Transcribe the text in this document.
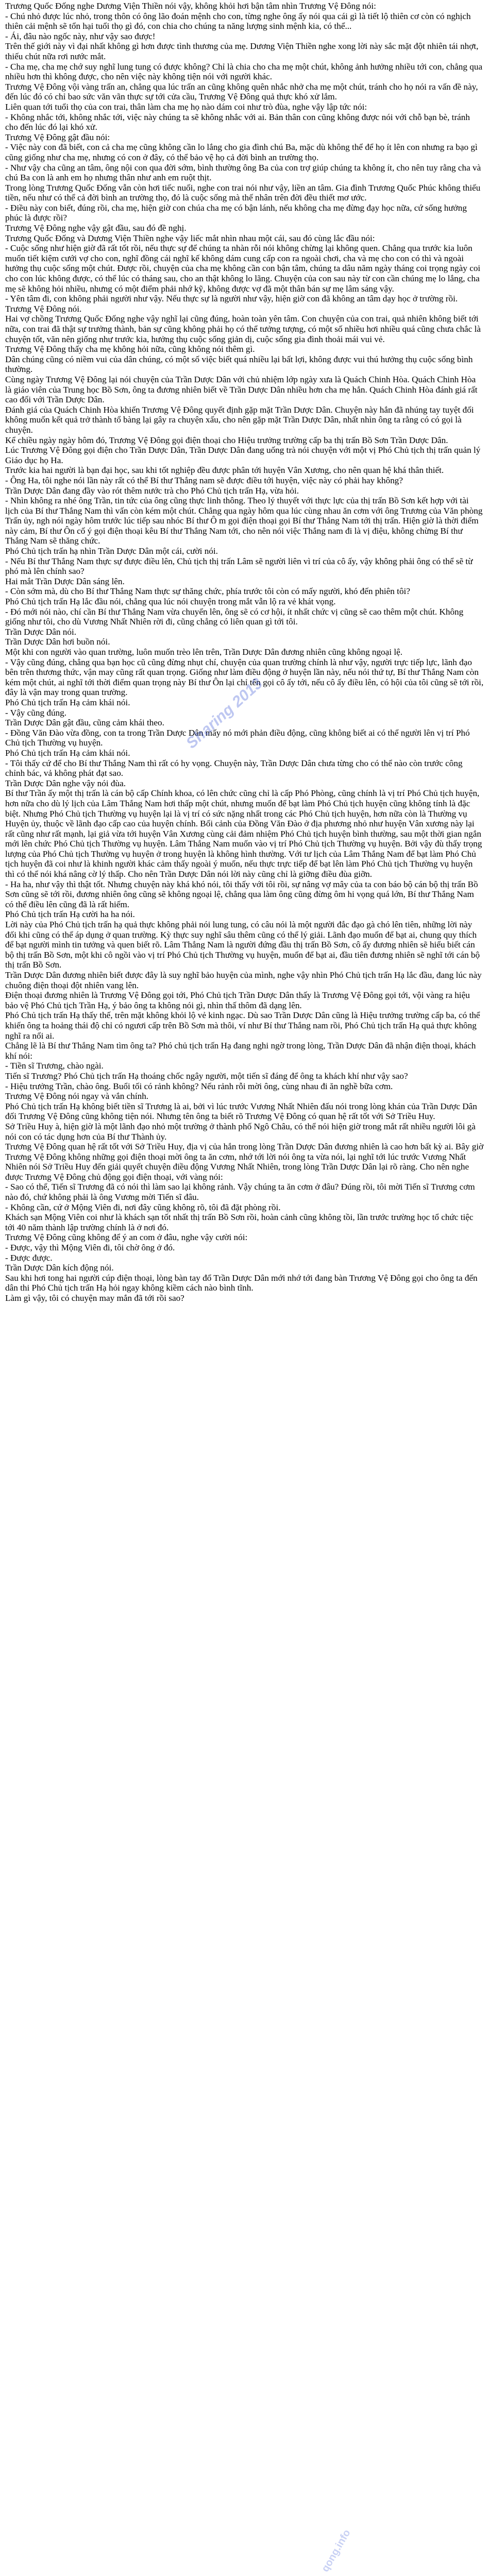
Trương Quốc Đống nghe Dương Viện Thiền nói vậy, không khỏi hơi bận tâm nhìn Trương Vệ Đông nói:

- Chú nhỏ được lúc nhỏ, trong thôn có ông lão đoán mệnh cho con, từng nghe ông ấy nói qua cái gì là tiết lộ thiên cơ còn có nghịch thiên cải mệnh sẽ tổn hại tuổi thọ gì đó, con chia cho chúng ta năng lượng sinh mệnh kia, có thể...

- Ái, đâu nào ngốc này, như vậy sao được!

Trên thế giới này vì đại nhất không gì hơn được tình thương của mẹ. Dương Viện Thiền nghe xong lời này sắc mặt đột nhiên tái nhợt, thiếu chút nữa rơi nước mắt.

- Cha mẹ, cha mẹ chớ suy nghĩ lung tung có được không? Chỉ là chia cho cha mẹ một chút, không ảnh hưởng nhiều tới con, chẳng qua nhiều hơn thì không được, cho nên việc này không tiện nói với người khác.

Trương Vệ Đông vội vàng trấn an, chẳng qua lúc trấn an cũng không quên nhắc nhở cha mẹ một chút, tránh cho họ nói ra vấn đề này, đến lúc đó có chỉ bao sức văn vãn thực sự tới cửa cầu, Trương Vệ Đông quả thực khó xử lắm.

Liên quan tới tuổi thọ của con trai, thân làm cha mẹ họ nào dám coi như trò đùa, nghe vậy lập tức nói:

- Không nhắc tới, không nhắc tới, việc này chúng ta sẽ không nhắc với ai. Bản thân con cũng không được nói với chỗ bạn bè, tránh cho đến lúc đó lại khó xử.

Trương Vệ Đông gật đầu nói:

- Việc này con đã biết, con cả cha mẹ cũng không cần lo lắng cho gia đình chú Ba, mặc dù không thể để họ ít lên con nhưng ra bạo gì cũng giống như cha mẹ, nhưng có con ở đây, có thể bảo vệ họ cả đời bình an trường thọ.

- Như vậy cha cũng an tâm, ông nội con qua đời sớm, bình thường ông Ba của con trợ giúp chúng ta không ít, cho nên tuy rằng cha và chú Ba con là anh em họ nhưng thân như anh em ruột thịt.

Trong lòng Trương Quốc Đống vẫn còn hơi tiếc nuối, nghe con trai nói như vậy, liền an tâm. Gia đình Trương Quốc Phúc không thiếu tiền, nếu như có thể cả đời bình an trường thọ, đó là cuộc sống mà thế nhân trên đời đều thiết mơ ước.

- Điều này con biết, đúng rồi, cha mẹ, hiện giờ con chúa cha mẹ có bận lánh, nếu không cha mẹ đừng đạy học nữa, cứ sống hưởng phúc là được rồi?

Trương Vệ Đông nghe vậy gật đầu, sau đó đề nghị.

Trương Quốc Đống và Dương Viện Thiền nghe vậy liếc mắt nhìn nhau một cái, sau đó cùng lắc đầu nói:

- Cuộc sống như hiện giờ đã rất tốt rồi, nếu thực sự để chúng ta nhàn rỗi nói không chừng lại không quen. Chẳng qua trước kia luôn muốn tiết kiệm cưới vợ cho con, nghĩ đồng cái nghĩ kế không dám cung cấp con ra ngoài chơi, cha và mẹ cho con có thì và ngoài hưởng thụ cuộc sống một chút. Được rồi, chuyện của cha mẹ không cần con bận tâm, chúng ta dâu năm ngày tháng coi trọng ngày coi cho con lúc không được, có thể lúc có tháng sau, cho an thật không lo lãng. Chuyện của con sau này từ con cần chúng mẹ lo lắng, cha mẹ sẽ không hỏi nhiều, nhưng có một điểm phải nhớ kỹ, không được vợ đã một thân bán sự mẹ lâm sáng vậy.

- Yên tâm đi, con không phải người như vậy. Nếu thực sự là người như vậy, hiện giờ con đã không an tâm dạy học ở trường rồi.

Trương Vệ Đông nói.

Hai vợ chồng Trương Quốc Đống nghe vậy nghĩ lại cũng đúng, hoàn toàn yên tâm. Con chuyện của con trai, quả nhiên không biết tới nữa, con trai đã thật sự trưởng thành, bản sự cũng không phải họ có thể tưởng tượng, có một số nhiều hơi nhiều quá cũng chưa chắc là chuyện tốt, văn nên giống như trước kia, hưởng thụ cuộc sống giản dị, cuộc sống gia đình thoải mái vui vẻ.

Trương Vệ Đông thấy cha mẹ không hỏi nữa, cũng không nói thêm gì.

Dân chúng cũng có niềm vui của dân chúng, có một số việc biết quá nhiều lại bất lợi, không được vui thú hưởng thụ cuộc sống bình thường.

Cùng ngày Trương Vệ Đông lại nói chuyện của Trần Dược Dân với chủ nhiệm lớp ngày xưa là Quách Chinh Hòa. Quách Chinh Hòa là giáo viên của Trung học Bồ Sơn, ông ta đương nhiên biết về Trần Dược Dân nhiều hơn cha mẹ hắn. Quách Chinh Hòa đánh giá rất cao đối với Trần Dược Dân.

Đánh giá của Quách Chinh Hòa khiến Trương Vệ Đông quyết định gặp mặt Trần Dược Dân. Chuyện này hắn đã nhúng tay tuyệt đối không muốn kết quả trở thành tổ bàng lại gây ra chuyện xấu, cho nên gặp mặt Trần Dược Dân, nhất nhìn ông ta rằng có có gọi là chuyện.

Kể chiều ngày ngày hôm đó, Trương Vệ Đông gọi điện thoại cho Hiệu trưởng trường cấp ba thị trấn Bồ Sơn Trần Dược Dân.

Lúc Trương Vệ Đông gọi điện cho Trần Dược Dân, Trần Dược Dân đang uống trà nói chuyện với một vị Phó Chủ tịch thị trấn quản lý Giáo dục họ Ha.

Trước kia hai người là bạn đại học, sau khi tốt nghiệp đều được phân tới huyện Vân Xương, cho nên quan hệ khá thân thiết.

- Ông Ha, tôi nghe nói lần này rất có thể Bí thư Thắng nam sẽ được điều tới huyện, việc này có phải hay không?

Trần Dược Dân đang đầy vào rót thêm nước trà cho Phó Chủ tịch trấn Hạ, vừa hỏi.

- Nhìn không ra nhé ông Trần, tin tức của ông cũng thực linh thông. Theo lý thuyết với thực lực của thị trấn Bồ Sơn kết hợp với tài lịch của Bí thư Thắng Nam thì vấn còn kém một chút. Chẳng qua ngày hôm qua lúc cùng nhau ăn cơm với ông Trương của Văn phòng Trấn ủy, ngh nói ngày hôm trước lúc tiếp sau nhóc Bí thư Ô m gọi điện thoại gọi Bí thư Thắng Nam tới thị trấn. Hiện giờ là thời điểm này cảm, Bí thư Ôn cố ý gọi điện thoại kêu Bí thư Thắng Nam tới, cho nên nói việc Thắng nam đi là vị điệu, không chừng Bí thư Thắng Nam sẽ thăng chức.

Phó Chủ tịch trấn hạ nhìn Trần Dược Dân một cái, cười nói.

- Nếu Bí thư Thắng Nam thực sự được điều lên, Chủ tịch thị trấn Lâm sẽ người liên vì trí của cô ấy, vậy không phải ông có thể sẽ từ phó mà lên chính sao?

Hai mắt Trần Dược Dân sáng lên.

- Còn sớm mà, dù cho Bí thư Thắng Nam thực sự thăng chức, phía trước tôi còn có mấy người, khó đến phiên tôi?

Phó Chủ tịch trấn Hạ lắc đầu nói, chẳng qua lúc nói chuyện trong mắt vẫn lộ ra vẻ khát vọng.

- Đó mới nói nào, chí cần Bí thư Thắng Nam vừa chuyển lên, ông sẽ có cơ hội, ít nhất chức vị cũng sẽ cao thêm một chút. Không giống như tôi, cho dù Vương Nhất Nhiên rời đi, cũng chẳng có liên quan gì tới tôi.

Trần Dược Dân nói.

Trần Dược Dân hơi buồn nói.

Một khi con người vào quan trường, luôn muốn trèo lên trên, Trần Dược Dân đương nhiên cũng không ngoại lệ.

- Vậy cũng đúng, chẳng qua bạn học cũ cũng đừng nhụt chí, chuyện của quan trường chính là như vậy, người trực tiếp lực, lãnh đạo bên trên thương thức, vận may cũng rất quan trọng. Giống như làm điều động ở huyện lần này, nếu nói thứ tự, Bí thư Thắng Nam còn kém một chút, ai nghĩ tới thời điểm quan trọng này Bí thư Ôn lại chỉ tên gọi cô ấy tới, nếu cô ấy điều lên, có hội của tôi cũng sẽ tới rồi, đây là vận may trong quan trường.

Phó Chủ tịch trấn Hạ cảm khái nói.

- Vậy cũng đúng.

Trần Dược Dân gật đầu, cũng cảm khái theo.

- Đồng Văn Đào vừa đồng, con ta trong Trần Dược Dân mấy nó mới phản điều động, cũng không biết ai có thể người lên vị trí Phó Chủ tịch Thường vụ huyện.

Phó Chủ tịch trấn Hạ cảm khái nói.

- Tôi thấy cứ để cho Bí thư Thắng Nam thì rất có hy vọng. Chuyện này, Trần Dược Dân chưa từng cho có thể nào còn trước công chỉnh bác, vả không phát đạt sao.

Trần Dược Dân nghe vậy nói đùa.

Bí thư Trần ấy một thị trấn là cán bộ cấp Chính khoa, có lên chức cũng chỉ là cấp Phó Phòng, cũng chính là vị trí Phó Chủ tịch huyện, hơn nữa cho dù lý lịch của Lâm Thắng Nam hơi thấp một chút, nhưng muốn để bạt làm Phó Chủ tịch huyện cũng không tính là đặc biệt. Nhưng Phó Chủ tịch Thường vụ huyện lại là vị trí có sức nặng nhất trong các Phó Chủ tịch huyện, hơn nữa còn là Thường vụ Huyện ủy, thuộc về lãnh đạo cấp cao của huyện chính. Bối cảnh của Đồng Văn Đào ở địa phương nhỏ như huyện Vân xương này lại rất cũng như rất mạnh, lại giả vừa tới huyện Vân Xương cùng cải đảm nhiệm Phó Chủ tịch huyện bình thường, sau một thời gian ngắn mới lên chức Phó Chủ tịch Thường vụ huyện. Lâm Thắng Nam muốn vào vị trí Phó Chủ tịch Thường vụ huyện. Bởi vậy đù thấy trọng lượng của Phó Chủ tịch Thường vụ huyện ở trong huyện là không hình thường. Với tư lịch của Lâm Thắng Nam để bạt làm Phó Chủ tịch huyện đã coi như là khinh người khác cảm thấy ngoài ý muốn, nếu thực trực tiếp để bạt lên làm Phó Chủ tịch Thường vụ huyện thì có thể nói khá nâng cờ lý thấp. Cho nên Trần Dược Dân nói lời này cũng chỉ là giỡng điều đùa giỡn.

- Ha ha, như vậy thì thật tốt. Nhưng chuyện này khá khó nói, tôi thấy với tôi rồi, sự nâng vợ mây của ta con báo bộ cán bộ thị trấn Bồ Sơn cũng sẽ tới rồi, đương nhiên ông cũng sẽ không ngoại lệ, chẳng qua làm ông cũng đừng ôm hi vọng quá lớn, Bí thư Thắng Nam có thể điều lên cũng đã là rất hiếm.

Phó Chủ tịch trấn Hạ cười ha ha nói.

Lời này của Phó Chủ tịch trấn hạ quả thực không phải nói lung tung, có câu nói là một người đắc đạo gà chó lên tiên, những lời này đối khi cũng có thể áp dụng ở quan trường. Kỳ thực suy nghĩ sâu thêm cũng có thể lý giải. Lãnh đạo muốn để bạt ai, chung quy thích để bạt người mình tin tưởng và quen biết rõ. Lâm Thắng Nam là người đứng đầu thị trấn Bồ Sơn, cô ấy đương nhiên sẽ hiểu biết cán bộ thị trấn Bồ Sơn, một khi cô ngồi vào vị trí Phó Chủ tịch Thường vụ huyện, muốn để bạt ai, đầu tiên đương nhiên sẽ nghĩ tới cán bộ thị trấn Bồ Sơn.

Trần Dược Dân đương nhiên biết được đây là suy nghĩ bảo huyện của mình, nghe vậy nhìn Phó Chủ tịch trấn Hạ lắc đầu, đang lúc này chuông điện thoại đột nhiên vang lên.

Điện thoại đương nhiên là Trương Vệ Đông gọi tới, Phó Chủ tịch Trần Dược Dân thấy là Trương Vệ Đông gọi tới, vội vàng ra hiệu bảo vệ Phó Chủ tịch Trần Hạ, ý bảo ông ta không nói gì, nhìn thấ thôm đã dạng lên.

Phó Chủ tịch trấn Hạ thấy thế, trên mặt không khỏi lộ vẻ kinh ngạc. Dù sao Trần Dược Dân cũng là Hiệu trưởng trường cấp ba, có thể khiến ông ta hoảng thái độ chỉ có ngươi cấp trên Bồ Sơn mà thôi, ví như Bí thư Thắng nam rồi, Phó Chủ tịch trấn Hạ quả thực không nghĩ ra nổi ai.

Chẳng lẽ là Bí thư Thắng Nam tìm ông ta? Phó chủ tịch trấn Hạ đang nghi ngờ trong lòng, Trần Dược Dân đã nhận điện thoại, khách khí nói:

- Tiền sĩ Trương, chào ngài.

Tiến sĩ Trương? Phó Chủ tịch trấn Hạ thoáng chốc ngây người, một tiến sĩ đáng để ông ta khách khí như vậy sao?

- Hiệu trưởng Trần, chào ông. Buổi tối có rảnh không? Nếu rảnh rỗi mời ông, cùng nhau đi ăn nghề bữa cơm.

Trương Vệ Đông nói ngay và vắn chính.

Phó Chủ tịch trấn Hạ không biết tiền sĩ Trương là ai, bởi vì lúc trước Vương Nhất Nhiên đấu nói trong lòng khán của Trần Dược Dân đối Trương Vệ Đông cũng không tiện nói. Nhưng tên ông ta biết rõ Trương Vệ Đông có quan hệ rất tốt với Sở Triều Huy.

Sở Triều Huy à, hiện giờ là một lãnh đạo nhỏ một trường ở thành phố Ngô Châu, có thể nói hiện giờ trong mắt rất nhiều người lôi gà nói con có tác dụng hơn của Bí thư Thành ủy.

Trương Vệ Đông quan hệ rất tốt với Sở Triều Huy, địa vị của hắn trong lòng Trần Dược Dân đương nhiên là cao hơn bất kỳ ai. Bây giờ Trương Vệ Đông không những gọi điện thoại mời ông ta ăn cơm, nhớ tới lời nói ông ta vừa nói, lại nghĩ tới lúc trước Vương Nhất Nhiên nói Sở Triều Huy đến giải quyết chuyện điều động Vương Nhất Nhiên, trong lòng Trần Dược Dân lại rõ ràng. Cho nên nghe được Trương Vệ Đông chủ động gọi điện thoại, với vàng nói:

- Sao có thể, Tiến sĩ Trương đã có nói thì làm sao lại không rảnh. Vậy chúng ta ăn cơm ở đâu? Đúng rồi, tôi mời Tiến sĩ Trương cơm nào đó, chứ không phải là ông Vương mời Tiến sĩ đâu.

- Không cần, cứ ở Mộng Viên đi, nơi đây cũng không rõ, tôi đã đặt phòng rồi.

Khách sạn Mộng Viên coi như là khách sạn tốt nhất thị trấn Bồ Sơn rồi, hoàn cảnh cũng không tồi, lần trước trường học tổ chức tiệc tới 40 năm thành lập trường chính là ở nơi đó.

Trương Vệ Đông cũng không để ý an com ở đâu, nghe vậy cười nói:

- Được, vậy thì Mộng Viên đi, tôi chờ ông ở đó.

- Được được.

Trần Dược Dân kích động nói.

Sau khi hơi tong hai người cúp điện thoại, lòng bàn tay đổ Trần Dược Dân mới nhớ tới đang bàn Trương Vệ Đông gọi cho ông ta đến dân thi Phó Chủ tịch trấn Hạ hỏi ngay không kiềm cách nào bình tĩnh.

Làm gì vậy, tôi có chuyện may mắn đã tới rồi sao?

Sharing 2013
qong.info
